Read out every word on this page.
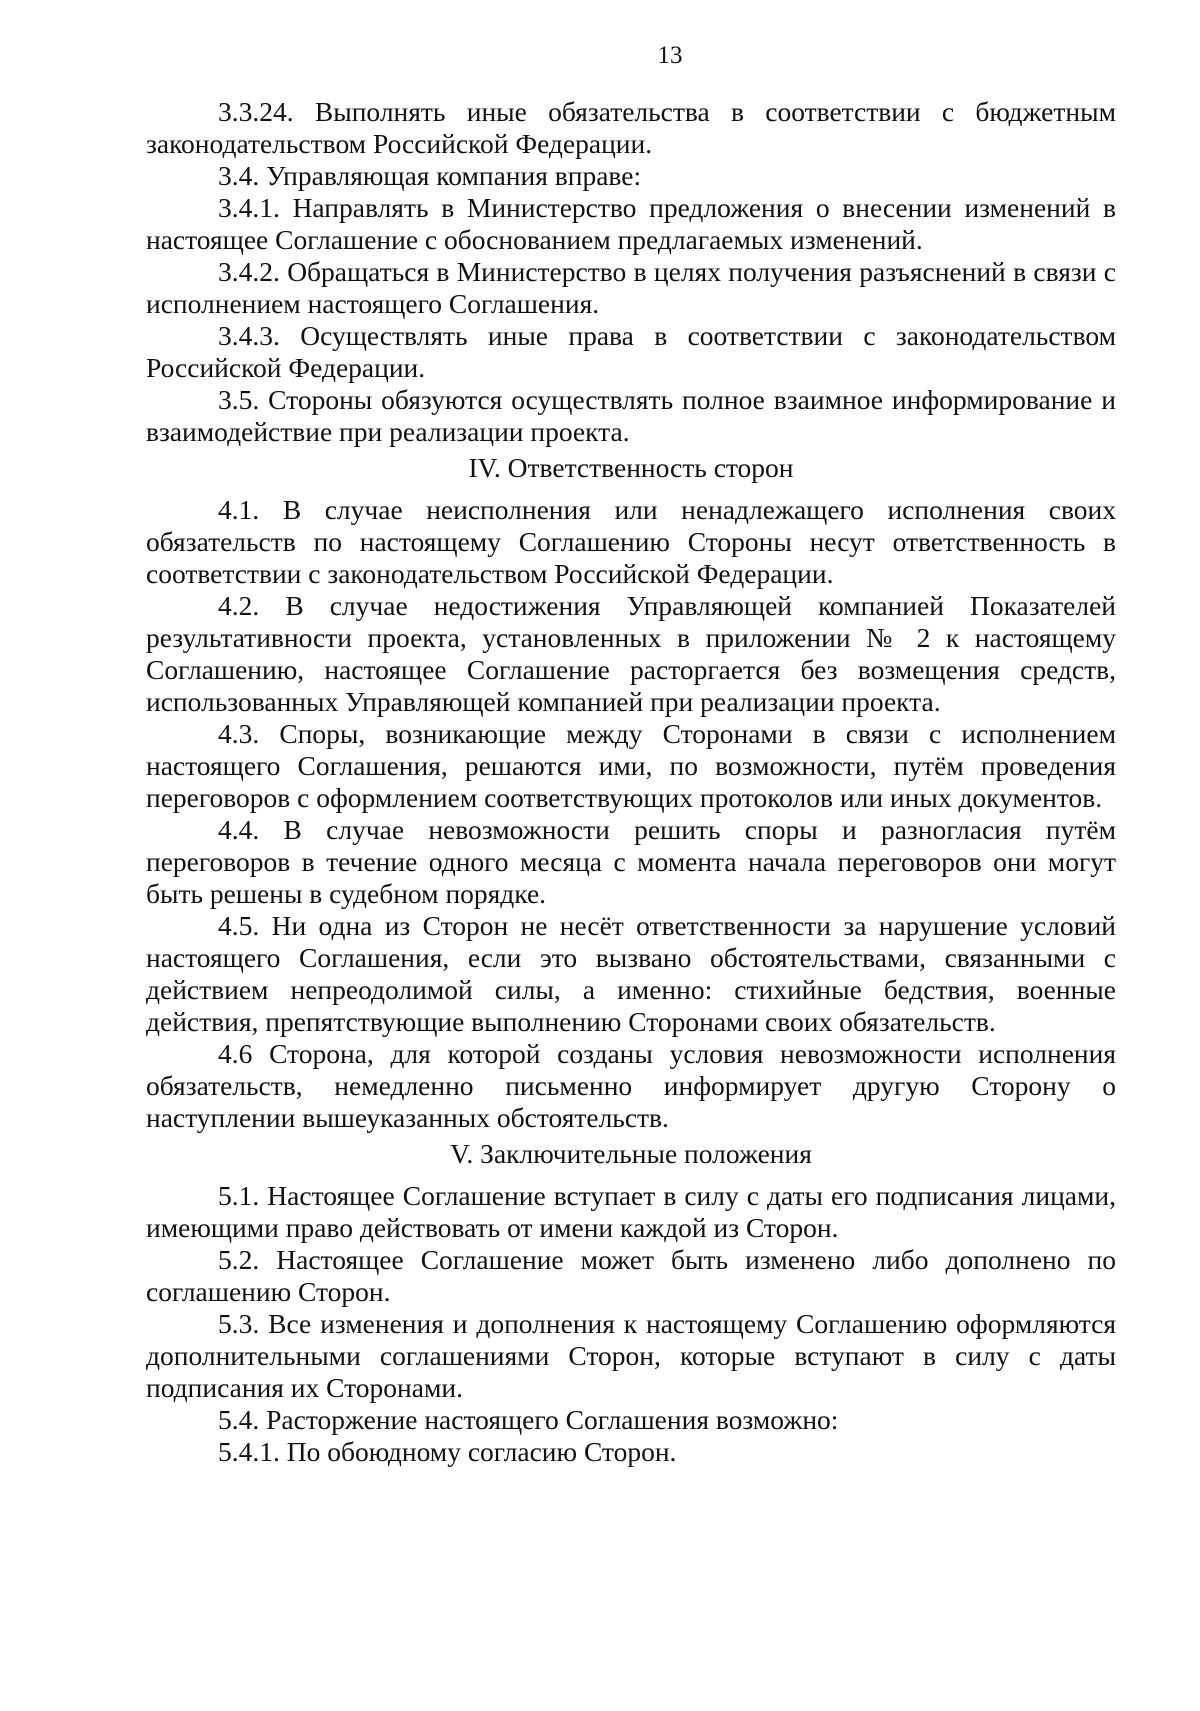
13

3.3.24. Выполнять иные обязательства в соответствии с бюджетным законодательством Российской Федерации.

3.4. Управляющая компания вправе:

3.4.1. Направлять в Министерство предложения о внесении изменений в настоящее Соглашение с обоснованием предлагаемых изменений.

3.4.2. Обращаться в Министерство в целях получения разъяснений в связи с исполнением настоящего Соглашения.

3.4.3. Осуществлять иные права в соответствии с законодательством Российской Федерации.

3.5. Стороны обязуются осуществлять полное взаимное информирование и взаимодействие при реализации проекта.

IV. Ответственность сторон

4.1. В случае неисполнения или ненадлежащего исполнения своих обязательств по настоящему Соглашению Стороны несут ответственность в соответствии с законодательством Российской Федерации.

4.2. В случае недостижения Управляющей компанией Показателей результативности проекта, установленных в приложении № 2 к настоящему Соглашению, настоящее Соглашение расторгается без возмещения средств, использованных Управляющей компанией при реализации проекта.

4.3. Споры, возникающие между Сторонами в связи с исполнением настоящего Соглашения, решаются ими, по возможности, путём проведения переговоров с оформлением соответствующих протоколов или иных документов.

4.4. В случае невозможности решить споры и разногласия путём переговоров в течение одного месяца с момента начала переговоров они могут быть решены в судебном порядке.

4.5. Ни одна из Сторон не несёт ответственности за нарушение условий настоящего Соглашения, если это вызвано обстоятельствами, связанными с действием непреодолимой силы, а именно: стихийные бедствия, военные действия, препятствующие выполнению Сторонами своих обязательств.

4.6 Сторона, для которой созданы условия невозможности исполнения обязательств, немедленно письменно информирует другую Сторону о наступлении вышеуказанных обстоятельств.

V. Заключительные положения

5.1. Настоящее Соглашение вступает в силу с даты его подписания лицами, имеющими право действовать от имени каждой из Сторон.

5.2. Настоящее Соглашение может быть изменено либо дополнено по соглашению Сторон.

5.3. Все изменения и дополнения к настоящему Соглашению оформляются дополнительными соглашениями Сторон, которые вступают в силу с даты подписания их Сторонами.

5.4. Расторжение настоящего Соглашения возможно:

5.4.1. По обоюдному согласию Сторон.
